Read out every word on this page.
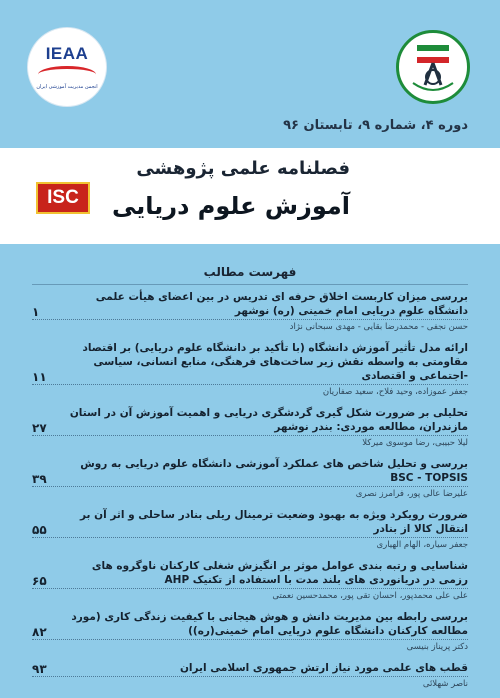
IEAA
انجمن مدیریت آموزشی ایران
دوره ۴، شماره ۹، تابستان ۹۶
فصلنامه علمی پژوهشی
آموزش علوم دریایی
ISC
فهرست مطالب
بررسی میزان کاربست اخلاق حرفه ای تدریس در بین اعضای هیأت علمی دانشگاه علوم دریایی امام خمینی (ره) نوشهر
۱
حسن نجفی - محمدرضا بقایی - مهدی سبحانی نژاد
ارائه مدل تأثیر آموزش دانشگاه (با تأکید بر دانشگاه علوم دریایی) بر اقتصاد مقاومتی به واسطه نقش زیر ساخت‌های فرهنگی، منابع انسانی، سیاسی -اجتماعی و اقتصادی
۱۱
جعفر عموزاده، وحید فلاح، سعید صفاریان
تحلیلی بر ضرورت شکل گیری گردشگری دریایی و اهمیت آموزش آن در استان مازندران، مطالعه موردی: بندر نوشهر
۲۷
لیلا حبیبی، رضا موسوی میرکلا
بررسی و تحلیل شاخص های عملکرد آموزشی دانشگاه علوم دریایی به روش BSC - TOPSIS
۳۹
علیرضا عالی پور، فرامرز نصری
ضرورت رویکرد ویژه به بهبود وضعیت ترمینال ریلی بنادر ساحلی و اثر آن بر انتقال کالا از بنادر
۵۵
جعفر سیاره، الهام الهیاری
شناسایی و رتبه بندی عوامل موثر بر انگیزش شغلی کارکنان ناوگروه های رزمی در دریانوردی های بلند مدت با استفاده از تکنیک AHP
۶۵
علی علی محمدپور، احسان تقی پور، محمدحسین نعمتی
بررسی رابطه بین مدیریت دانش و هوش هیجانی با کیفیت زندگی کاری (مورد مطالعه کارکنان دانشگاه علوم دریایی امام خمینی(ره))
۸۲
دکتر پریناز بنیسی
قطب های علمی مورد نیاز ارتش جمهوری اسلامی ایران
۹۳
ناصر شهلائی
